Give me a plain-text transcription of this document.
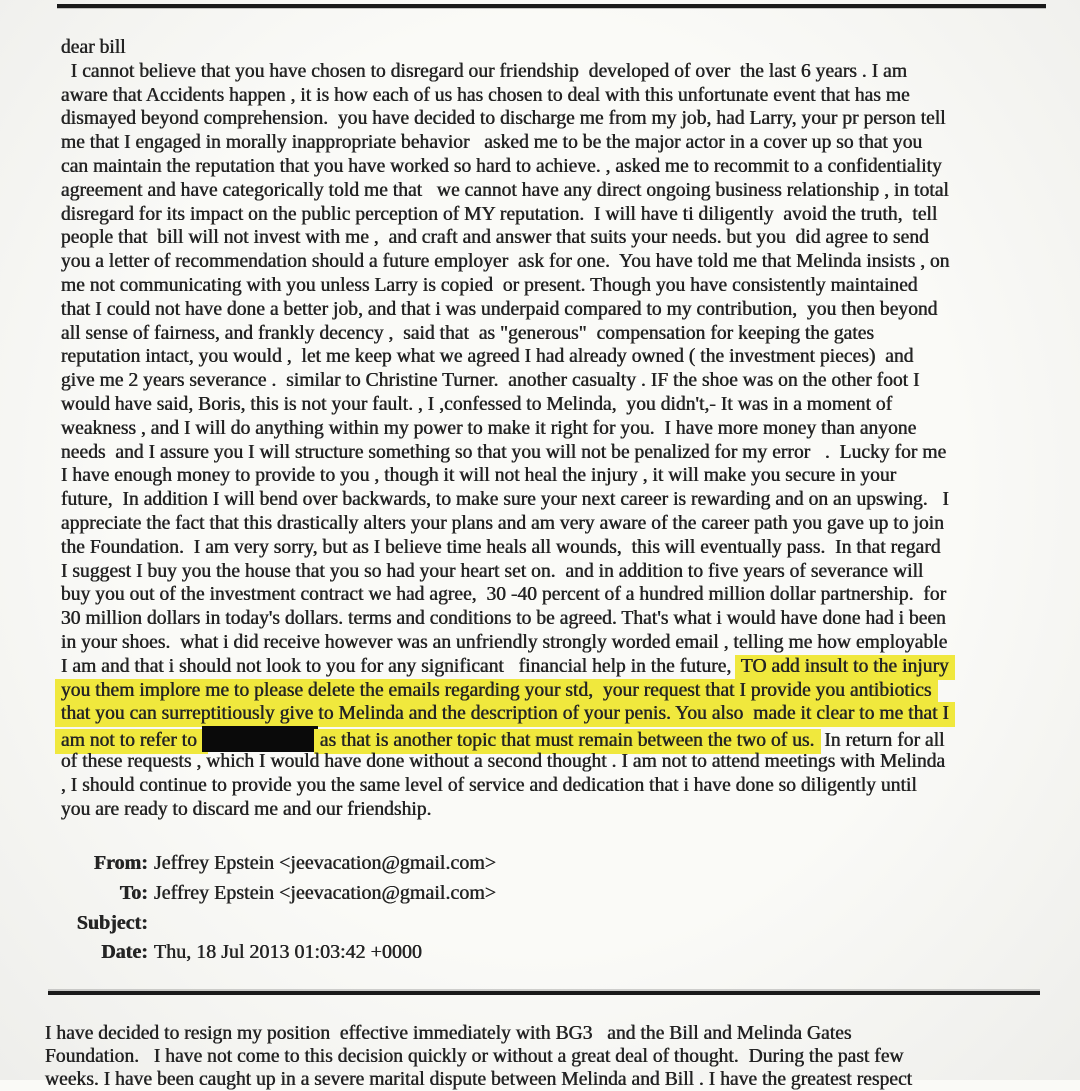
dear bill
I cannot believe that you have chosen to disregard our friendship  developed of over  the last 6 years . I am
aware that Accidents happen , it is how each of us has chosen to deal with this unfortunate event that has me
dismayed beyond comprehension.  you have decided to discharge me from my job, had Larry, your pr person tell
me that I engaged in morally inappropriate behavior   asked me to be the major actor in a cover up so that you
can maintain the reputation that you have worked so hard to achieve. , asked me to recommit to a confidentiality
agreement and have categorically told me that   we cannot have any direct ongoing business relationship , in total
disregard for its impact on the public perception of MY reputation.  I will have ti diligently  avoid the truth,  tell
people that  bill will not invest with me ,  and craft and answer that suits your needs. but you  did agree to send
you a letter of recommendation should a future employer  ask for one.  You have told me that Melinda insists , on
me not communicating with you unless Larry is copied  or present. Though you have consistently maintained
that I could not have done a better job, and that i was underpaid compared to my contribution,  you then beyond
all sense of fairness, and frankly decency ,  said that  as "generous"  compensation for keeping the gates
reputation intact, you would ,  let me keep what we agreed I had already owned ( the investment pieces)  and
give me 2 years severance .  similar to Christine Turner.  another casualty . IF the shoe was on the other foot I
would have said, Boris, this is not your fault. , I ,confessed to Melinda,  you didn't,- It was in a moment of
weakness , and I will do anything within my power to make it right for you.  I have more money than anyone
needs  and I assure you I will structure something so that you will not be penalized for my error   .  Lucky for me
I have enough money to provide to you , though it will not heal the injury , it will make you secure in your
future,  In addition I will bend over backwards, to make sure your next career is rewarding and on an upswing.   I
appreciate the fact that this drastically alters your plans and am very aware of the career path you gave up to join
the Foundation.  I am very sorry, but as I believe time heals all wounds,  this will eventually pass.  In that regard
I suggest I buy you the house that you so had your heart set on.  and in addition to five years of severance will
buy you out of the investment contract we had agree,  30 -40 percent of a hundred million dollar partnership.  for
30 million dollars in today's dollars. terms and conditions to be agreed. That's what i would have done had i been
in your shoes.  what i did receive however was an unfriendly strongly worded email , telling me how employable
I am and that i should not look to you for any significant   financial help in the future,  TO add insult to the injury
you them implore me to please delete the emails regarding your std,  your request that I provide you antibiotics
that you can surreptitiously give to Melinda and the description of your penis. You also  made it clear to me that I
am not to refer to	as that is another topic that must remain between the two of us.  In return for all
of these requests , which I would have done without a second thought . I am not to attend meetings with Melinda
, I should continue to provide you the same level of service and dedication that i have done so diligently until
you are ready to discard me and our friendship.
From: Jeffrey Epstein <jeevacation@gmail.com>
To: Jeffrey Epstein <jeevacation@gmail.com>
Subject:
Date: Thu, 18 Jul 2013 01:03:42 +0000
I have decided to resign my position  effective immediately with BG3   and the Bill and Melinda Gates
Foundation.   I have not come to this decision quickly or without a great deal of thought.  During the past few
weeks. I have been caught up in a severe marital dispute between Melinda and Bill . I have the greatest respect
